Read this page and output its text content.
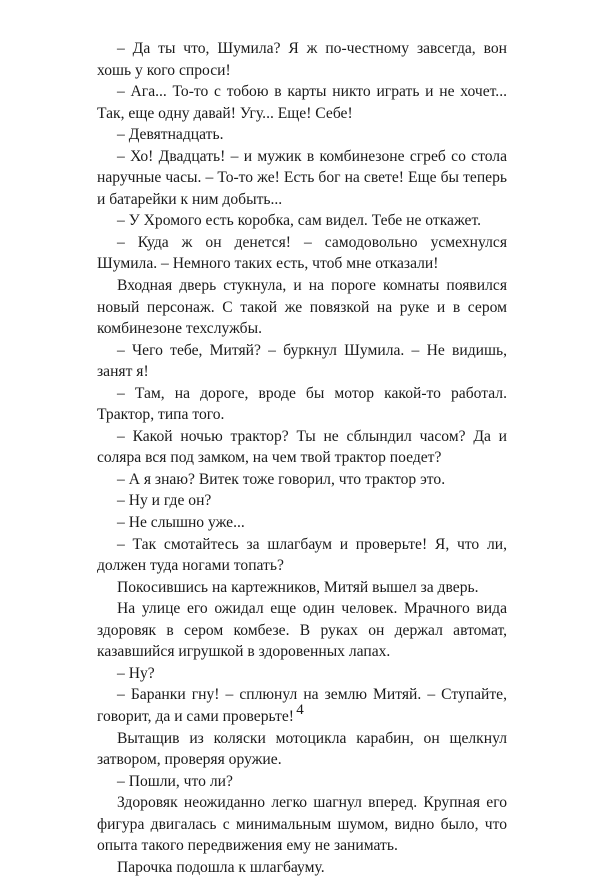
– Да ты что, Шумила? Я ж по-честному завсегда, вон хошь у кого спроси!

– Ага... То-то с тобою в карты никто играть и не хочет... Так, еще одну давай! Угу... Еще! Себе!

– Девятнадцать.

– Хо! Двадцать! – и мужик в комбинезоне сгреб со стола наручные часы. – То-то же! Есть бог на свете! Еще бы теперь и батарейки к ним добыть...

– У Хромого есть коробка, сам видел. Тебе не откажет.

– Куда ж он денется! – самодовольно усмехнулся Шумила. – Немного таких есть, чтоб мне отказали!

Входная дверь стукнула, и на пороге комнаты появился новый персонаж. С такой же повязкой на руке и в сером комбинезоне техслужбы.

– Чего тебе, Митяй? – буркнул Шумила. – Не видишь, занят я!

– Там, на дороге, вроде бы мотор какой-то работал. Трактор, типа того.

– Какой ночью трактор? Ты не сблындил часом? Да и соляра вся под замком, на чем твой трактор поедет?

– А я знаю? Витек тоже говорил, что трактор это.

– Ну и где он?

– Не слышно уже...

– Так смотайтесь за шлагбаум и проверьте! Я, что ли, должен туда ногами топать?

Покосившись на картежников, Митяй вышел за дверь.

На улице его ожидал еще один человек. Мрачного вида здоровяк в сером комбезе. В руках он держал автомат, казавшийся игрушкой в здоровенных лапах.

– Ну?

– Баранки гну! – сплюнул на землю Митяй. – Ступайте, говорит, да и сами проверьте!

Вытащив из коляски мотоцикла карабин, он щелкнул затвором, проверяя оружие.

– Пошли, что ли?

Здоровяк неожиданно легко шагнул вперед. Крупная его фигура двигалась с минимальным шумом, видно было, что опыта такого передвижения ему не занимать.

Парочка подошла к шлагбауму.

4
